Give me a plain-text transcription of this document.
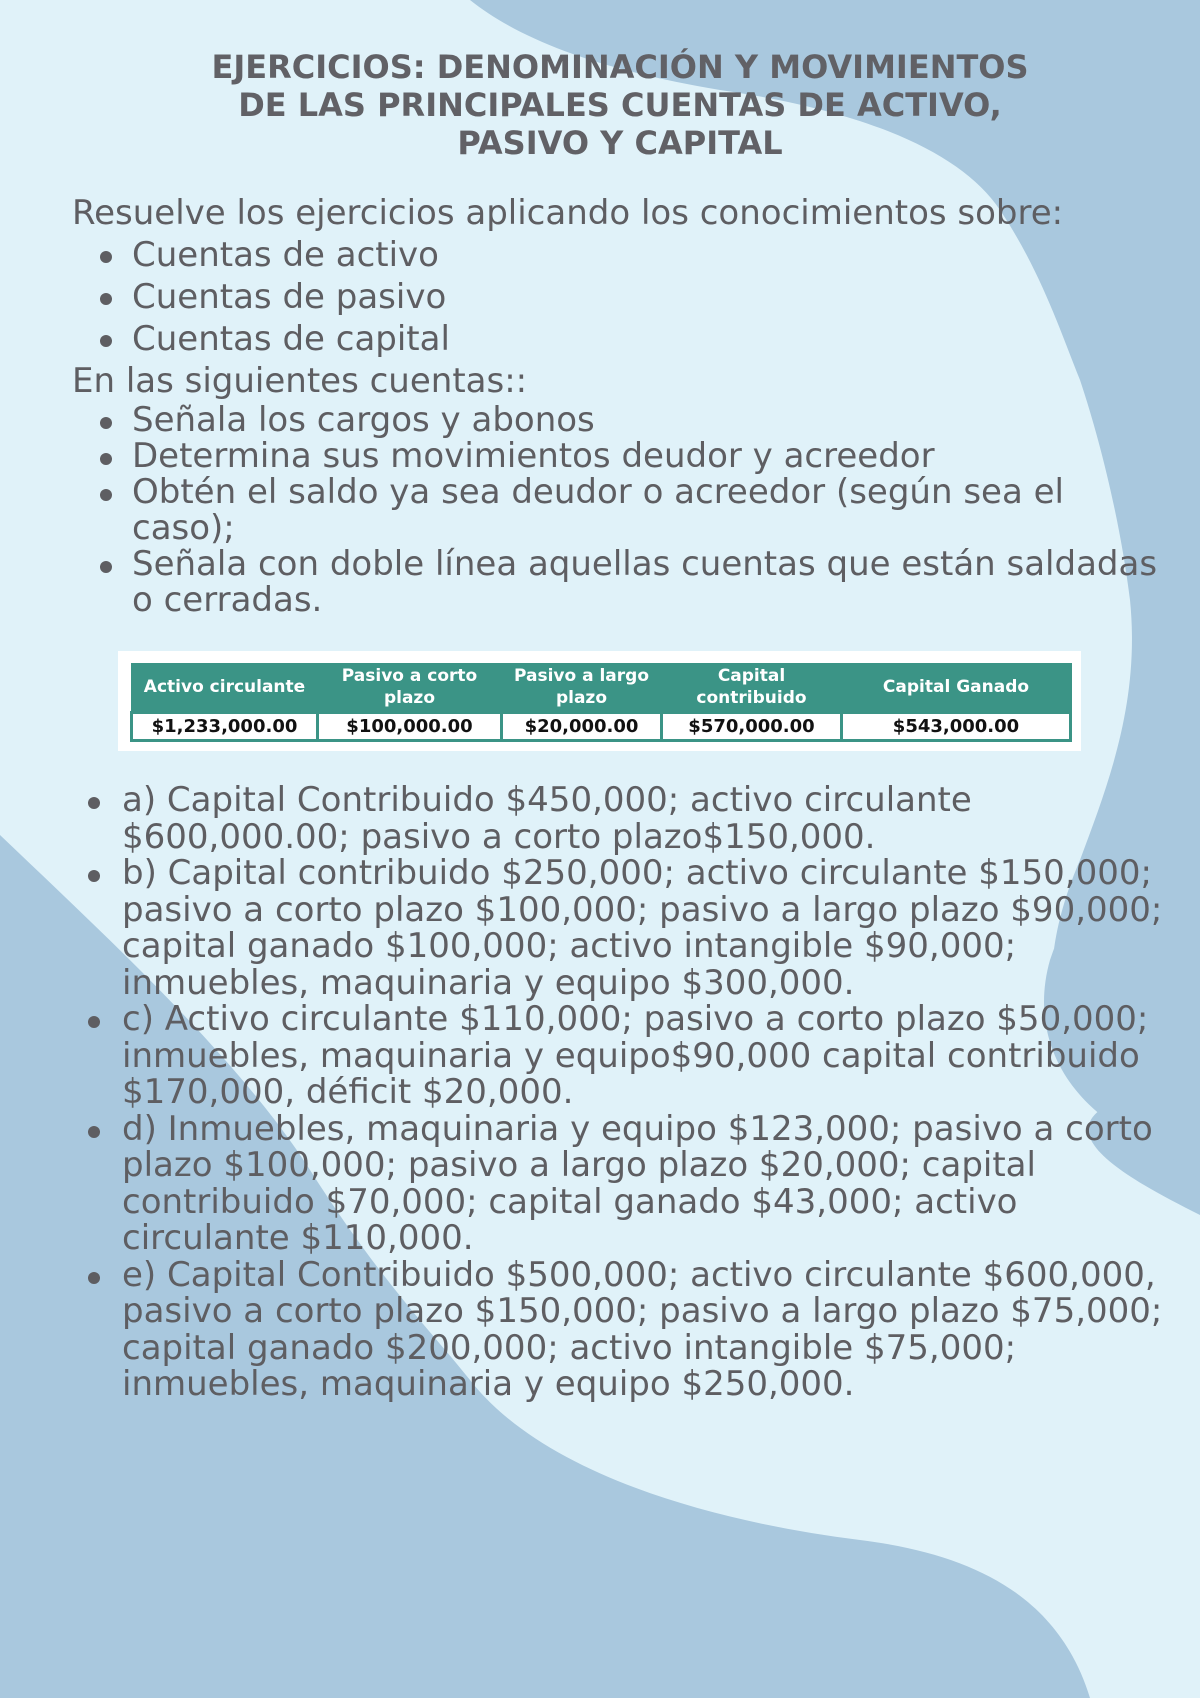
EJERCICIOS: DENOMINACIÓN Y MOVIMIENTOS
DE LAS PRINCIPALES CUENTAS DE ACTIVO,
PASIVO Y CAPITAL

Resuelve los ejercicios aplicando los conocimientos sobre:

Cuentas de activo
Cuentas de pasivo
Cuentas de capital

En las siguientes cuentas::

Señala los cargos y abonos
Determina sus movimientos deudor y acreedor
Obtén el saldo ya sea deudor o acreedor (según sea el caso);
Señala con doble línea aquellas cuentas que están saldadas o cerradas.
Activo circulante	Pasivo a corto plazo	Pasivo a largo plazo	Capital contribuido	Capital Ganado
$1,233,000.00	$100,000.00	$20,000.00	$570,000.00	$543,000.00
a) Capital Contribuido $450,000; activo circulante $600,000.00; pasivo a corto plazo$150,000.
b) Capital contribuido $250,000; activo circulante $150,000; pasivo a corto plazo $100,000; pasivo a largo plazo $90,000; capital ganado $100,000; activo intangible $90,000; inmuebles, maquinaria y equipo $300,000.
c) Activo circulante $110,000; pasivo a corto plazo $50,000; inmuebles, maquinaria y equipo$90,000 capital contribuido $170,000, déficit $20,000.
d) Inmuebles, maquinaria y equipo $123,000; pasivo a corto plazo $100,000; pasivo a largo plazo $20,000; capital contribuido $70,000; capital ganado $43,000; activo circulante $110,000.
e) Capital Contribuido $500,000; activo circulante $600,000, pasivo a corto plazo $150,000; pasivo a largo plazo $75,000; capital ganado $200,000; activo intangible $75,000; inmuebles, maquinaria y equipo $250,000.
